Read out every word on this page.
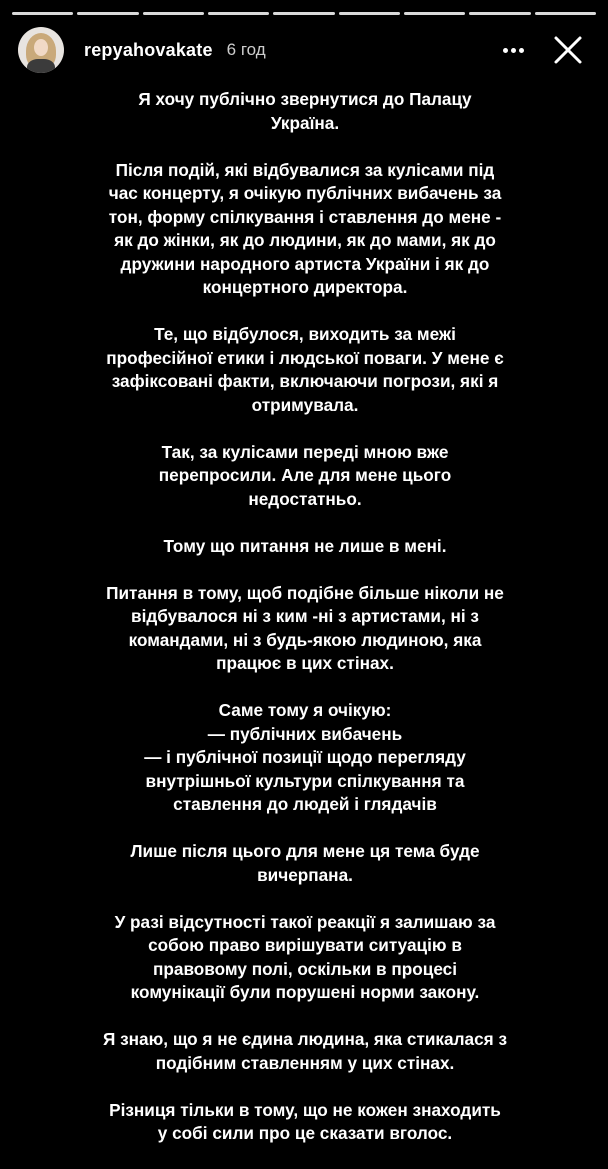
repyahovakate 6 год

Я хочу публічно звернутися до Палацу
Україна.

Після подій, які відбувалися за кулісами під
час концерту, я очікую публічних вибачень за
тон, форму спілкування і ставлення до мене -
як до жінки, як до людини, як до мами, як до
дружини народного артиста України і як до
концертного директора.

Те, що відбулося, виходить за межі
професійної етики і людської поваги. У мене є
зафіксовані факти, включаючи погрози, які я
отримувала.

Так, за кулісами переді мною вже
перепросили. Але для мене цього
недостатньо.

Тому що питання не лише в мені.

Питання в тому, щоб подібне більше ніколи не
відбувалося ні з ким -ні з артистами, ні з
командами, ні з будь-якою людиною, яка
працює в цих стінах.

Саме тому я очікую:
— публічних вибачень
— і публічної позиції щодо перегляду
внутрішньої культури спілкування та
ставлення до людей і глядачів

Лише після цього для мене ця тема буде
вичерпана.

У разі відсутності такої реакції я залишаю за
собою право вирішувати ситуацію в
правовому полі, оскільки в процесі
комунікації були порушені норми закону.

Я знаю, що я не єдина людина, яка стикалася з
подібним ставленням у цих стінах.

Різниця тільки в тому, що не кожен знаходить
у собі сили про це сказати вголос.
